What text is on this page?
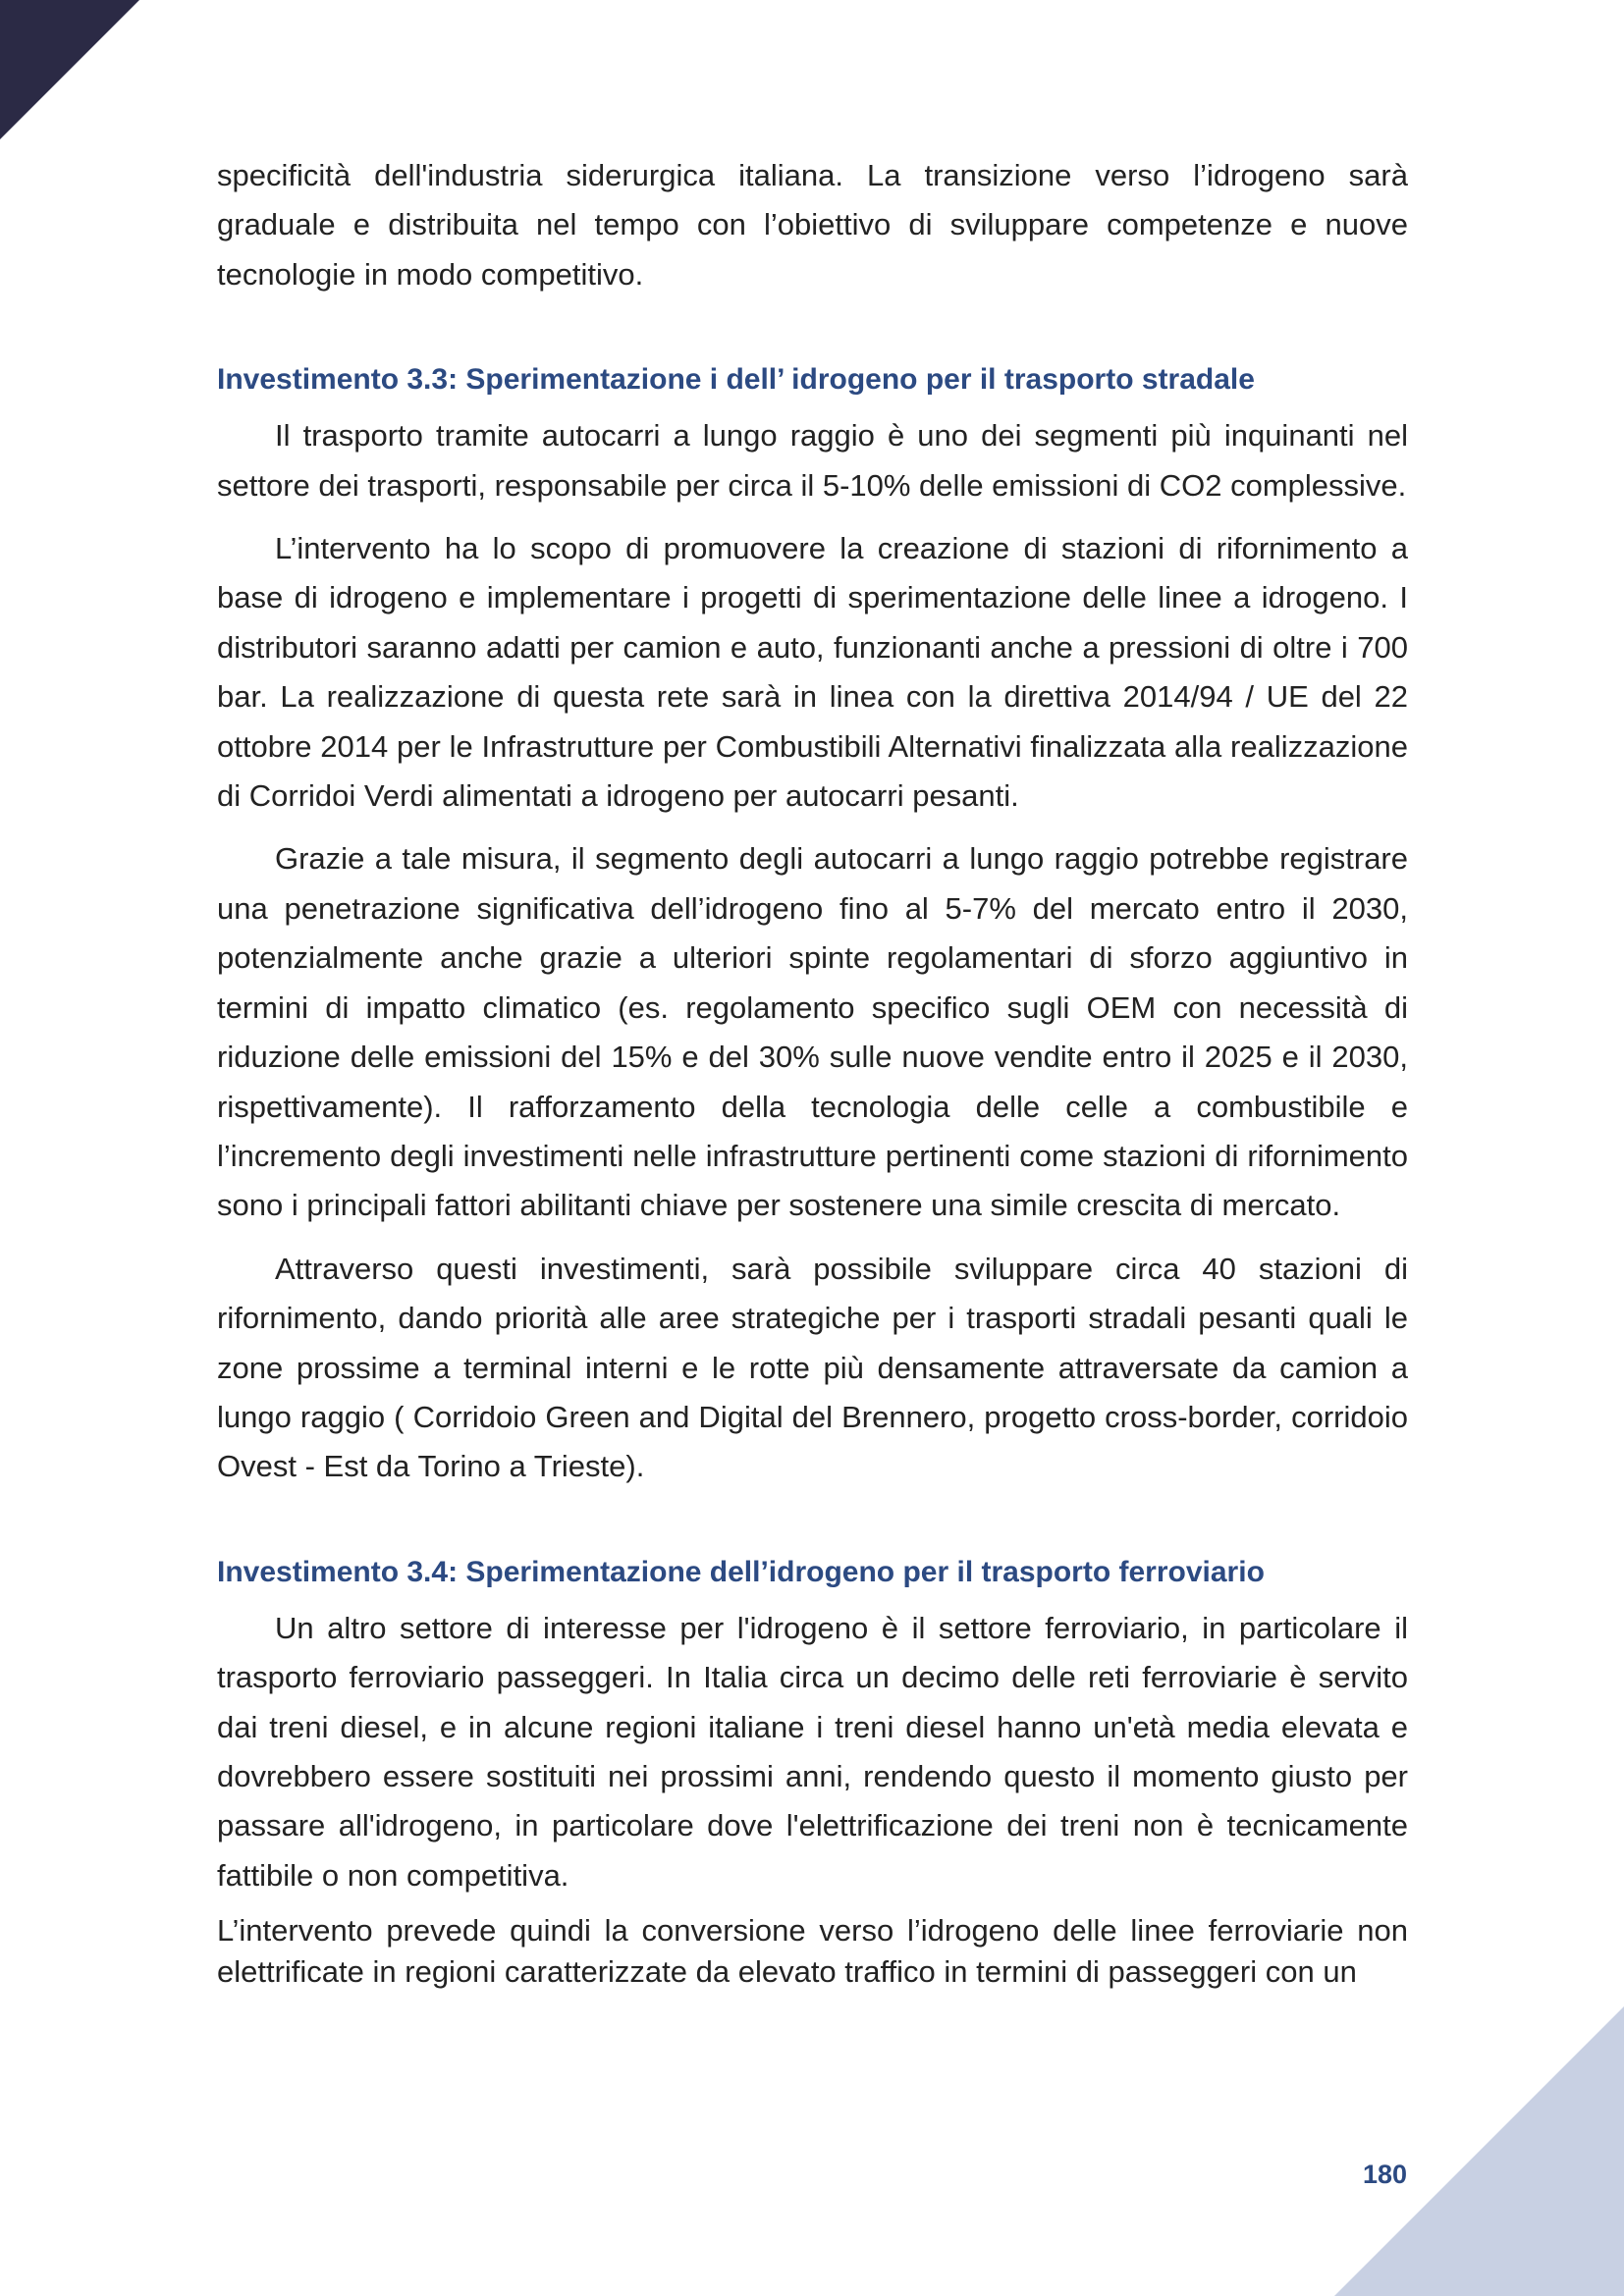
specificità dell'industria siderurgica italiana. La transizione verso l’idrogeno sarà graduale e distribuita nel tempo con l’obiettivo di sviluppare competenze e nuove tecnologie in modo competitivo.

Investimento 3.3: Sperimentazione i dell’ idrogeno per il trasporto stradale

Il trasporto tramite autocarri a lungo raggio è uno dei segmenti più inquinanti nel settore dei trasporti, responsabile per circa il 5-10% delle emissioni di CO2 complessive.

L’intervento ha lo scopo di promuovere la creazione di stazioni di rifornimento a base di idrogeno e implementare i progetti di sperimentazione delle linee a idrogeno. I distributori saranno adatti per camion e auto, funzionanti anche a pressioni di oltre i 700 bar. La realizzazione di questa rete sarà in linea con la direttiva 2014/94 / UE del 22 ottobre 2014 per le Infrastrutture per Combustibili Alternativi finalizzata alla realizzazione di Corridoi Verdi alimentati a idrogeno per autocarri pesanti.

Grazie a tale misura, il segmento degli autocarri a lungo raggio potrebbe registrare una penetrazione significativa dell’idrogeno fino al 5-7% del mercato entro il 2030, potenzialmente anche grazie a ulteriori spinte regolamentari di sforzo aggiuntivo in termini di impatto climatico (es. regolamento specifico sugli OEM con necessità di riduzione delle emissioni del 15% e del 30% sulle nuove vendite entro il 2025 e il 2030, rispettivamente). Il rafforzamento della tecnologia delle celle a combustibile e l’incremento degli investimenti nelle infrastrutture pertinenti come stazioni di rifornimento sono i principali fattori abilitanti chiave per sostenere una simile crescita di mercato.

Attraverso questi investimenti, sarà possibile sviluppare circa 40 stazioni di rifornimento, dando priorità alle aree strategiche per i trasporti stradali pesanti quali le zone prossime a terminal interni e le rotte più densamente attraversate da camion a lungo raggio ( Corridoio Green and Digital del Brennero, progetto cross-border, corridoio Ovest - Est da Torino a Trieste).

Investimento 3.4: Sperimentazione dell’idrogeno per il trasporto ferroviario

Un altro settore di interesse per l'idrogeno è il settore ferroviario, in particolare il trasporto ferroviario passeggeri. In Italia circa un decimo delle reti ferroviarie è servito dai treni diesel, e in alcune regioni italiane i treni diesel hanno un'età media elevata e dovrebbero essere sostituiti nei prossimi anni, rendendo questo il momento giusto per passare all'idrogeno, in particolare dove l'elettrificazione dei treni non è tecnicamente fattibile o non competitiva.

L’intervento prevede quindi la conversione verso l’idrogeno delle linee ferroviarie non elettrificate in regioni caratterizzate da elevato traffico in termini di passeggeri con un

180
